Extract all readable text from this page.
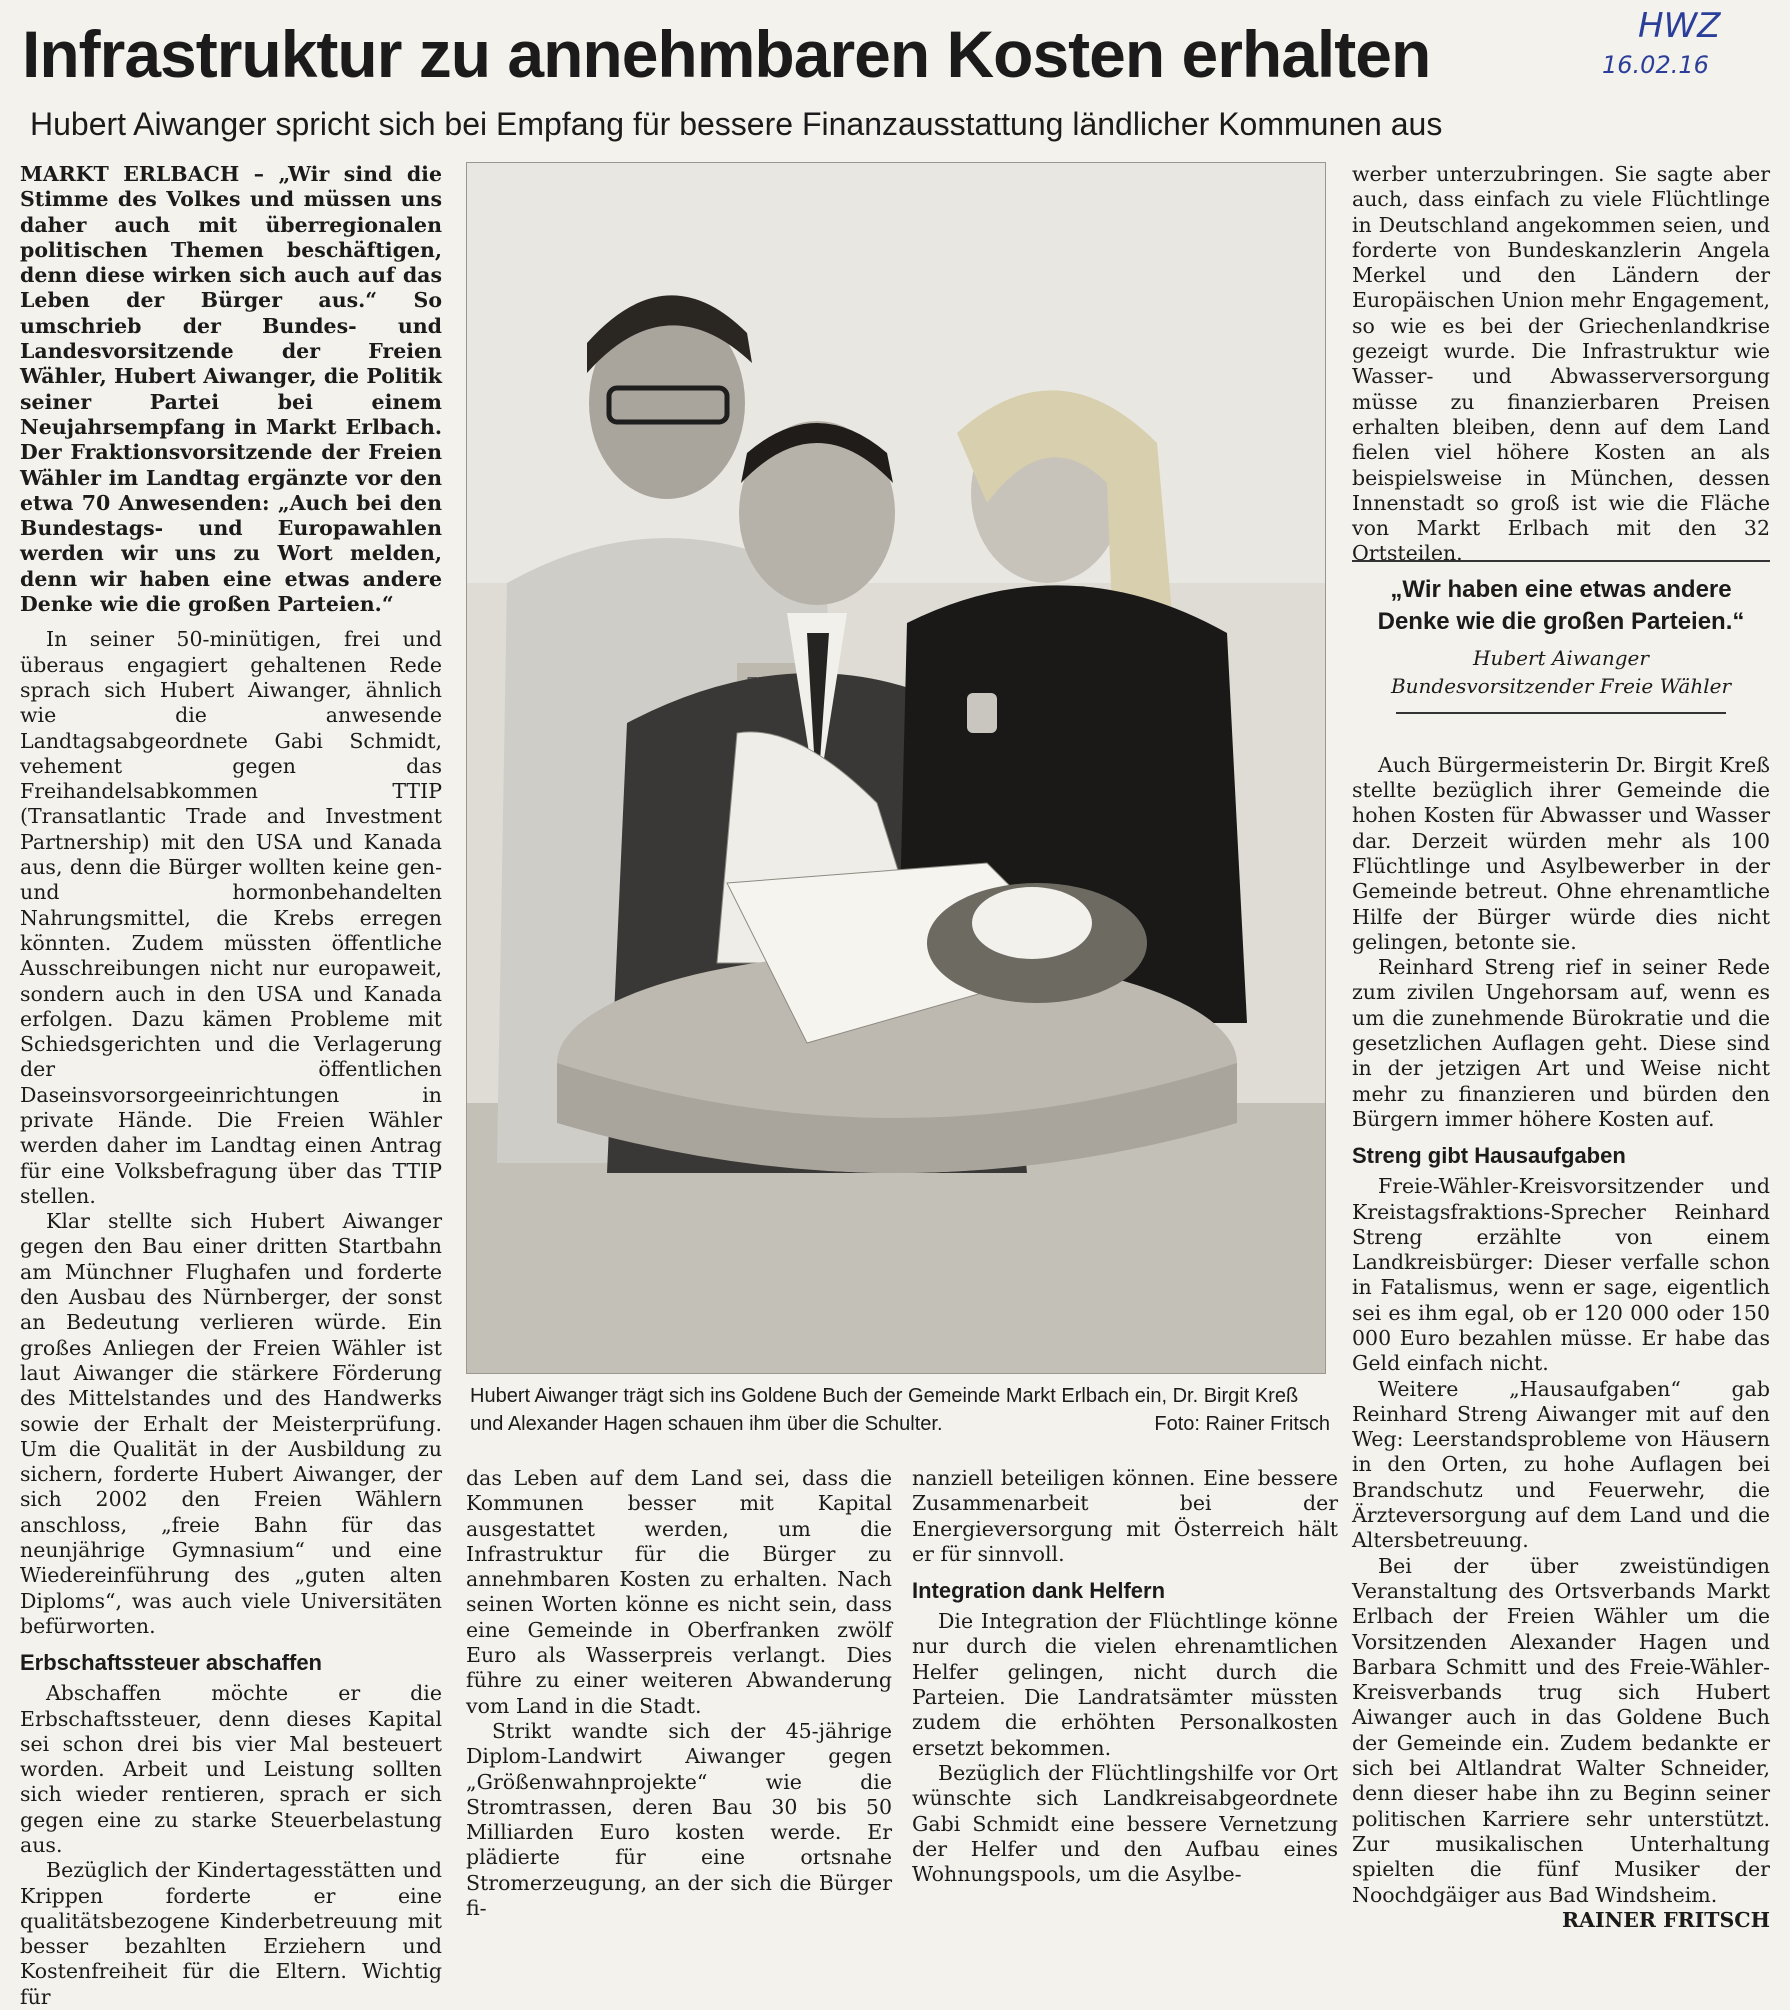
Infrastruktur zu annehmbaren Kosten erhalten
Hubert Aiwanger spricht sich bei Empfang für bessere Finanzausstattung ländlicher Kommunen aus
HWZ
16.02.16

MARKT ERLBACH – „Wir sind die Stimme des Volkes und müssen uns daher auch mit überregionalen politischen Themen beschäftigen, denn diese wirken sich auch auf das Leben der Bürger aus.“ So umschrieb der Bundes- und Landesvorsitzende der Freien Wähler, Hubert Aiwanger, die Politik seiner Partei bei einem Neujahrsempfang in Markt Erlbach. Der Fraktionsvorsitzende der Freien Wähler im Landtag ergänzte vor den etwa 70 Anwesenden: „Auch bei den Bundestags- und Europawahlen werden wir uns zu Wort melden, denn wir haben eine etwas andere Denke wie die großen Parteien.“

In seiner 50-minütigen, frei und überaus engagiert gehaltenen Rede sprach sich Hubert Aiwanger, ähnlich wie die anwesende Landtagsabgeordnete Gabi Schmidt, vehement gegen das Freihandelsabkommen TTIP (Transatlantic Trade and Investment Partnership) mit den USA und Kanada aus, denn die Bürger wollten keine gen- und hormonbehandelten Nahrungsmittel, die Krebs erregen könnten. Zudem müssten öffentliche Ausschreibungen nicht nur europaweit, sondern auch in den USA und Kanada erfolgen. Dazu kämen Probleme mit Schiedsgerichten und die Verlagerung der öffentlichen Daseinsvorsorgeeinrichtungen in private Hände. Die Freien Wähler werden daher im Landtag einen Antrag für eine Volksbefragung über das TTIP stellen.

Klar stellte sich Hubert Aiwanger gegen den Bau einer dritten Startbahn am Münchner Flughafen und forderte den Ausbau des Nürnberger, der sonst an Bedeutung verlieren würde. Ein großes Anliegen der Freien Wähler ist laut Aiwanger die stärkere Förderung des Mittelstandes und des Handwerks sowie der Erhalt der Meisterprüfung. Um die Qualität in der Ausbildung zu sichern, forderte Hubert Aiwanger, der sich 2002 den Freien Wählern anschloss, „freie Bahn für das neunjährige Gymnasium“ und eine Wiedereinführung des „guten alten Diploms“, was auch viele Universitäten befürworten.

Erbschaftssteuer abschaffen

Abschaffen möchte er die Erbschaftssteuer, denn dieses Kapital sei schon drei bis vier Mal besteuert worden. Arbeit und Leistung sollten sich wieder rentieren, sprach er sich gegen eine zu starke Steuerbelastung aus.

Bezüglich der Kindertagesstätten und Krippen forderte er eine qualitätsbezogene Kinderbetreuung mit besser bezahlten Erziehern und Kostenfreiheit für die Eltern. Wichtig für

Hubert Aiwanger trägt sich ins Goldene Buch der Gemeinde Markt Erlbach ein, Dr. Birgit Kreß und Alexander Hagen schauen ihm über die Schulter.	Foto: Rainer Fritsch

das Leben auf dem Land sei, dass die Kommunen besser mit Kapital ausgestattet werden, um die Infrastruktur für die Bürger zu annehmbaren Kosten zu erhalten. Nach seinen Worten könne es nicht sein, dass eine Gemeinde in Oberfranken zwölf Euro als Wasserpreis verlangt. Dies führe zu einer weiteren Abwanderung vom Land in die Stadt.

Strikt wandte sich der 45-jährige Diplom-Landwirt Aiwanger gegen „Größenwahnprojekte“ wie die Stromtrassen, deren Bau 30 bis 50 Milliarden Euro kosten werde. Er plädierte für eine ortsnahe Stromerzeugung, an der sich die Bürger fi-

nanziell beteiligen können. Eine bessere Zusammenarbeit bei der Energieversorgung mit Österreich hält er für sinnvoll.

Integration dank Helfern

Die Integration der Flüchtlinge könne nur durch die vielen ehrenamtlichen Helfer gelingen, nicht durch die Parteien. Die Landratsämter müssten zudem die erhöhten Personalkosten ersetzt bekommen.

Bezüglich der Flüchtlingshilfe vor Ort wünschte sich Landkreisabgeordnete Gabi Schmidt eine bessere Vernetzung der Helfer und den Aufbau eines Wohnungspools, um die Asylbe-

werber unterzubringen. Sie sagte aber auch, dass einfach zu viele Flüchtlinge in Deutschland angekommen seien, und forderte von Bundeskanzlerin Angela Merkel und den Ländern der Europäischen Union mehr Engagement, so wie es bei der Griechenlandkrise gezeigt wurde. Die Infrastruktur wie Wasser- und Abwasserversorgung müsse zu finanzierbaren Preisen erhalten bleiben, denn auf dem Land fielen viel höhere Kosten an als beispielsweise in München, dessen Innenstadt so groß ist wie die Fläche von Markt Erlbach mit den 32 Ortsteilen.

Auch Bürgermeisterin Dr. Birgit Kreß stellte bezüglich ihrer Gemeinde die hohen Kosten für Abwasser und Wasser dar. Derzeit würden mehr als 100 Flüchtlinge und Asylbewerber in der Gemeinde betreut. Ohne ehrenamtliche Hilfe der Bürger würde dies nicht gelingen, betonte sie.

Reinhard Streng rief in seiner Rede zum zivilen Ungehorsam auf, wenn es um die zunehmende Bürokratie und die gesetzlichen Auflagen geht. Diese sind in der jetzigen Art und Weise nicht mehr zu finanzieren und bürden den Bürgern immer höhere Kosten auf.

Streng gibt Hausaufgaben

Freie-Wähler-Kreisvorsitzender und Kreistagsfraktions-Sprecher Reinhard Streng erzählte von einem Landkreisbürger: Dieser verfalle schon in Fatalismus, wenn er sage, eigentlich sei es ihm egal, ob er 120 000 oder 150 000 Euro bezahlen müsse. Er habe das Geld einfach nicht.

Weitere „Hausaufgaben“ gab Reinhard Streng Aiwanger mit auf den Weg: Leerstandsprobleme von Häusern in den Orten, zu hohe Auflagen bei Brandschutz und Feuerwehr, die Ärzteversorgung auf dem Land und die Altersbetreuung.

Bei der über zweistündigen Veranstaltung des Ortsverbands Markt Erlbach der Freien Wähler um die Vorsitzenden Alexander Hagen und Barbara Schmitt und des Freie-Wähler-Kreisverbands trug sich Hubert Aiwanger auch in das Goldene Buch der Gemeinde ein. Zudem bedankte er sich bei Altlandrat Walter Schneider, denn dieser habe ihn zu Beginn seiner politischen Karriere sehr unterstützt. Zur musikalischen Unterhaltung spielten die fünf Musiker der Noochdgäiger aus Bad Windsheim.

RAINER FRITSCH
„Wir haben eine etwas andere Denke wie die großen Parteien.“
Hubert Aiwanger
Bundesvorsitzender Freie Wähler
